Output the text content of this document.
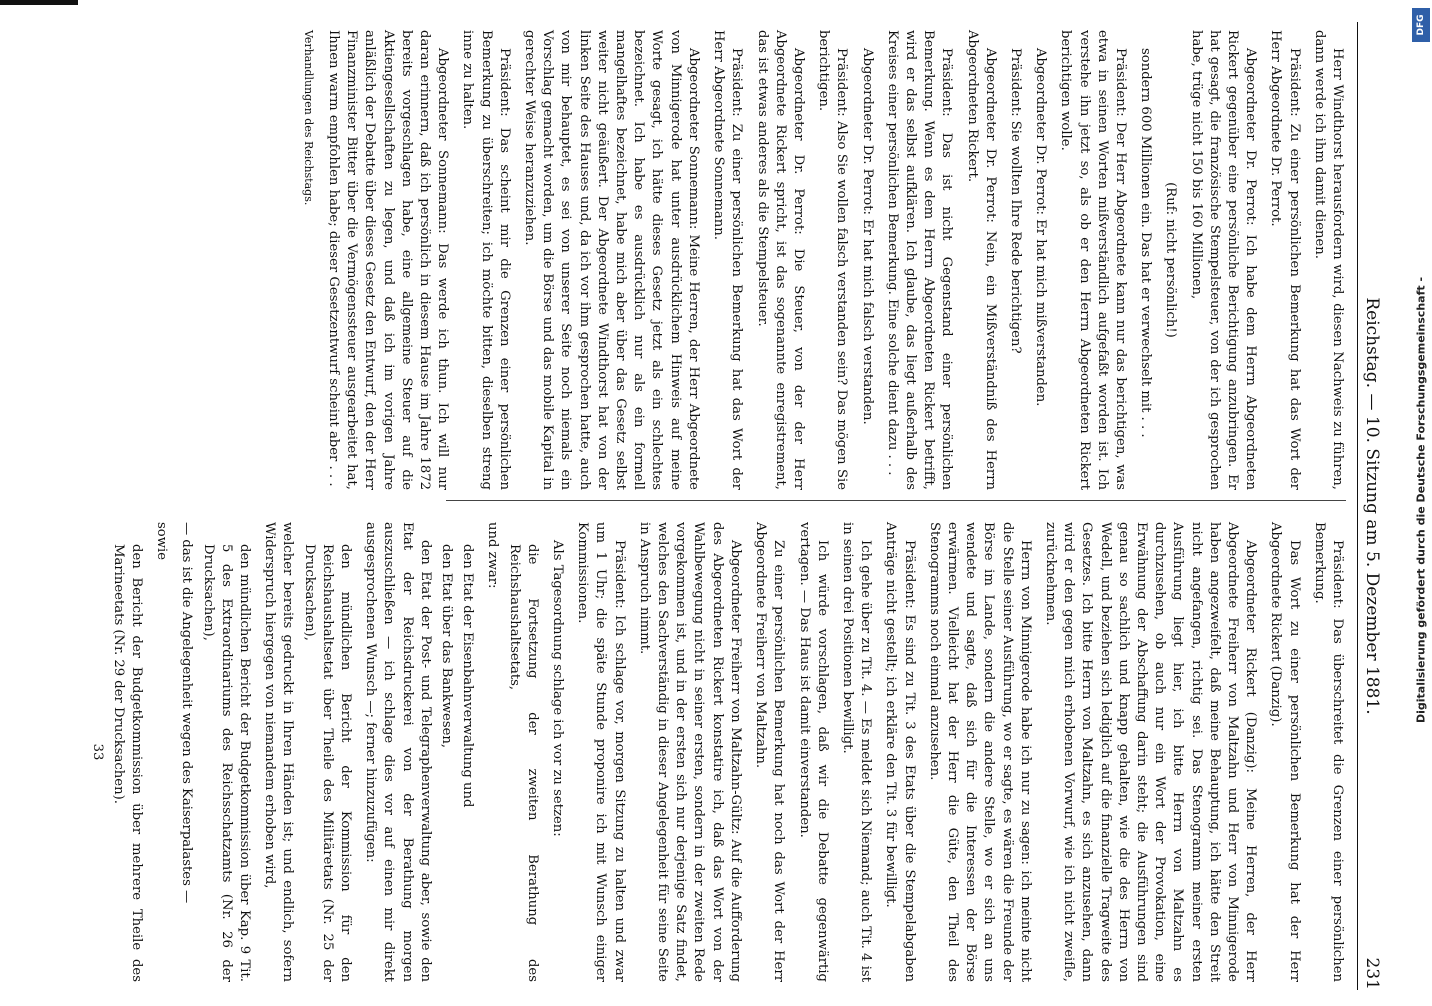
DFG
Digitalisierung gefördert durch die Deutsche Forschungsgemeinschaft -
Reichstag. — 10. Sitzung am 5. Dezember 1881.
231

Herr Windthorst herausfordern wird, diesen Nachweis zu führen, dann werde ich ihm damit dienen.

Präsident: Zu einer persönlichen Bemerkung hat das Wort der Herr Abgeordnete Dr. Perrot.

Abgeordneter Dr. Perrot: Ich habe dem Herrn Abgeordneten Rickert gegenüber eine persönliche Berichtigung anzubringen. Er hat gesagt, die französische Stempelsteuer, von der ich gesprochen habe, trüge nicht 150 bis 160 Millionen,

(Ruf: nicht persönlich!)

sondern 600 Millionen ein. Das hat er verwechselt mit . . .

Präsident: Der Herr Abgeordnete kann nur das berichtigen, was etwa in seinen Worten mißverständlich aufgefaßt worden ist. Ich verstehe ihn jetzt so, als ob er den Herrn Abgeordneten Rickert berichtigen wolle.

Abgeordneter Dr. Perrot: Er hat mich mißverstanden.

Präsident: Sie wollten Ihre Rede berichtigen?

Abgeordneter Dr. Perrot: Nein, ein Mißverständniß des Herrn Abgeordneten Rickert.

Präsident: Das ist nicht Gegenstand einer persönlichen Bemerkung. Wenn es dem Herrn Abgeordneten Rickert betrifft, wird er das selbst aufklären. Ich glaube, das liegt außerhalb des Kreises einer persönlichen Bemerkung. Eine solche dient dazu . . .

Abgeordneter Dr. Perrot: Er hat mich falsch verstanden.

Präsident: Also Sie wollen falsch verstanden sein? Das mögen Sie berichtigen.

Abgeordneter Dr. Perrot: Die Steuer, von der der Herr Abgeordnete Rickert spricht, ist das sogenannte enregistrement, das ist etwas anderes als die Stempelsteuer.

Präsident: Zu einer persönlichen Bemerkung hat das Wort der Herr Abgeordnete Sonnemann.

Abgeordneter Sonnemann: Meine Herren, der Herr Abgeordnete von Minnigerode hat unter ausdrücklichem Hinweis auf meine Worte gesagt, ich hätte dieses Gesetz jetzt als ein schlechtes bezeichnet. Ich habe es ausdrücklich nur als ein formell mangelhaftes bezeichnet, habe mich aber über das Gesetz selbst weiter nicht geäußert. Der Abgeordnete Windthorst hat von der linken Seite des Hauses und, da ich vor ihm gesprochen hatte, auch von mir behauptet, es sei von unserer Seite noch niemals ein Vorschlag gemacht worden, um die Börse und das mobile Kapital in gerechter Weise heranzuziehen.

Präsident: Das scheint mir die Grenzen einer persönlichen Bemerkung zu überschreiten; ich möchte bitten, dieselben streng inne zu halten.

Abgeordneter Sonnemann: Das werde ich thun. Ich will nur daran erinnern, daß ich persönlich in diesem Hause im Jahre 1872 bereits vorgeschlagen habe, eine allgemeine Steuer auf die Aktiengesellschaften zu legen, und daß ich im vorigen Jahre anläßlich der Debatte über dieses Gesetz den Entwurf, den der Herr Finanzminister Bitter über die Vermögenssteuer ausgearbeitet hat, Ihnen warm empfohlen habe; dieser Gesetzentwurf scheint aber . . .

Verhandlungen des Reichstags.

Präsident: Das überschreitet die Grenzen einer persönlichen Bemerkung.

Das Wort zu einer persönlichen Bemerkung hat der Herr Abgeordnete Rickert (Danzig).

Abgeordneter Rickert (Danzig): Meine Herren, der Herr Abgeordnete Freiherr von Maltzahn und Herr von Minnigerode haben angezweifelt, daß meine Behauptung, ich hätte den Streit nicht angefangen, richtig sei. Das Stenogramm meiner ersten Ausführung liegt hier, ich bitte Herrn von Maltzahn es durchzusehen, ob auch nur ein Wort der Provokation, eine Erwähnung der Abschaffung darin steht; die Ausführungen sind genau so sachlich und knapp gehalten, wie die des Herrn von Wedell, und beziehen sich lediglich auf die finanzielle Tragweite des Gesetzes. Ich bitte Herrn von Maltzahn, es sich anzusehen, dann wird er den gegen mich erhobenen Vorwurf, wie ich nicht zweifle, zurücknehmen.

Herrn von Minnigerode habe ich nur zu sagen: ich meinte nicht die Stelle seiner Ausführung, wo er sagte, es wären die Freunde der Börse im Lande, sondern die andere Stelle, wo er sich an uns wendete und sagte, daß sich für die Interessen der Börse erwärmen. Vielleicht hat der Herr die Güte, den Theil des Stenogramms noch einmal anzusehen.

Präsident: Es sind zu Tit. 3 des Etats über die Stempelabgaben Anträge nicht gestellt; ich erkläre den Tit. 3 für bewilligt.

Ich gehe über zu Tit. 4. — Es meldet sich Niemand; auch Tit. 4 ist in seinen drei Positionen bewilligt.

Ich würde vorschlagen, daß wir die Debatte gegenwärtig vertagen. — Das Haus ist damit einverstanden.

Zu einer persönlichen Bemerkung hat noch das Wort der Herr Abgeordnete Freiherr von Maltzahn.

Abgeordneter Freiherr von Maltzahn-Gültz: Auf die Aufforderung des Abgeordneten Rickert konstatire ich, daß das Wort von der Wahlbewegung nicht in seiner ersten, sondern in der zweiten Rede vorgekommen ist, und in der ersten sich nur derjenige Satz findet, welches den Sachverständig in dieser Angelegenheit für seine Seite in Anspruch nimmt.

Präsident: Ich schlage vor, morgen Sitzung zu halten und zwar um 1 Uhr; die späte Stunde proponire ich mit Wunsch einiger Kommissionen.

Als Tagesordnung schlage ich vor zu setzen:

die Fortsetzung der zweiten Berathung des Reichshaushaltsetats,

und zwar:

den Etat der Eisenbahnverwaltung und

den Etat über das Bankwesen,

den Etat der Post- und Telegraphenverwaltung aber, sowie den Etat der Reichsdruckerei von der Berathung morgen auszuschließen — ich schlage dies vor auf einen mir direkt ausgesprochenen Wunsch —; ferner hinzuzufügen:

den mündlichen Bericht der Kommission für den Reichshaushaltsetat über Theile des Militäretats (Nr. 25 der Drucksachen),

welcher bereits gedruckt in Ihren Händen ist; und endlich, sofern Widerspruch hiergegen von niemandem erhoben wird,

den mündlichen Bericht der Budgetkommission über Kap. 9 Tit. 5 des Extraordinariums des Reichsschatzamts (Nr. 26 der Drucksachen),

— das ist die Angelegenheit wegen des Kaiserpalastes —

sowie

den Bericht der Budgetkommission über mehrere Theile des Marineetats (Nr. 29 der Drucksachen).

33
